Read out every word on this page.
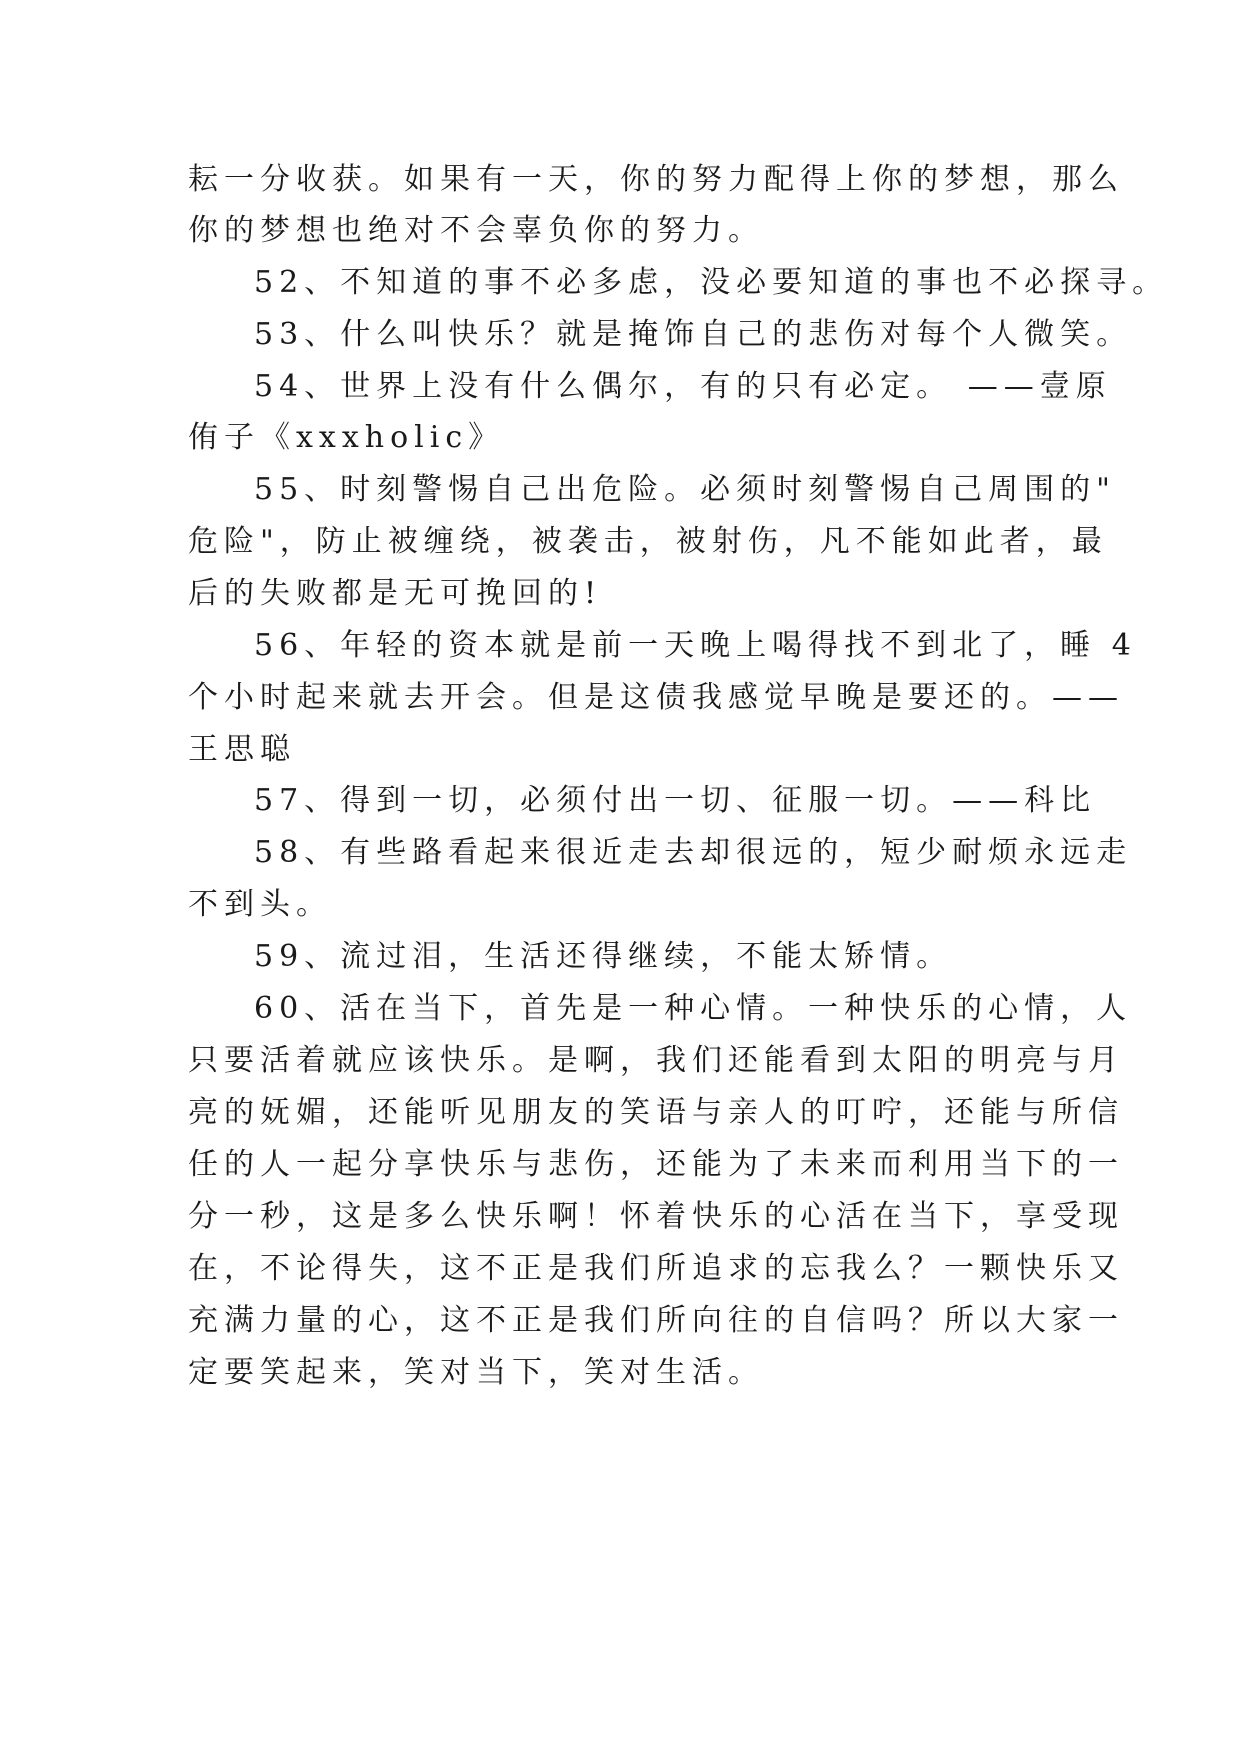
耘一分收获。如果有一天，你的努力配得上你的梦想，那么
你的梦想也绝对不会辜负你的努力。
52、不知道的事不必多虑，没必要知道的事也不必探寻。
53、什么叫快乐？就是掩饰自己的悲伤对每个人微笑。
54、世界上没有什么偶尔，有的只有必定。 ——壹原
侑子《xxxholic》
55、时刻警惕自己出危险。必须时刻警惕自己周围的"
危险"，防止被缠绕，被袭击，被射伤，凡不能如此者，最
后的失败都是无可挽回的!
56、年轻的资本就是前一天晚上喝得找不到北了，睡 4
个小时起来就去开会。但是这债我感觉早晚是要还的。——
王思聪
57、得到一切，必须付出一切、征服一切。——科比
58、有些路看起来很近走去却很远的，短少耐烦永远走
不到头。
59、流过泪，生活还得继续，不能太矫情。
60、活在当下，首先是一种心情。一种快乐的心情，人
只要活着就应该快乐。是啊，我们还能看到太阳的明亮与月
亮的妩媚，还能听见朋友的笑语与亲人的叮咛，还能与所信
任的人一起分享快乐与悲伤，还能为了未来而利用当下的一
分一秒，这是多么快乐啊！怀着快乐的心活在当下，享受现
在，不论得失，这不正是我们所追求的忘我么？一颗快乐又
充满力量的心，这不正是我们所向往的自信吗？所以大家一
定要笑起来，笑对当下，笑对生活。
